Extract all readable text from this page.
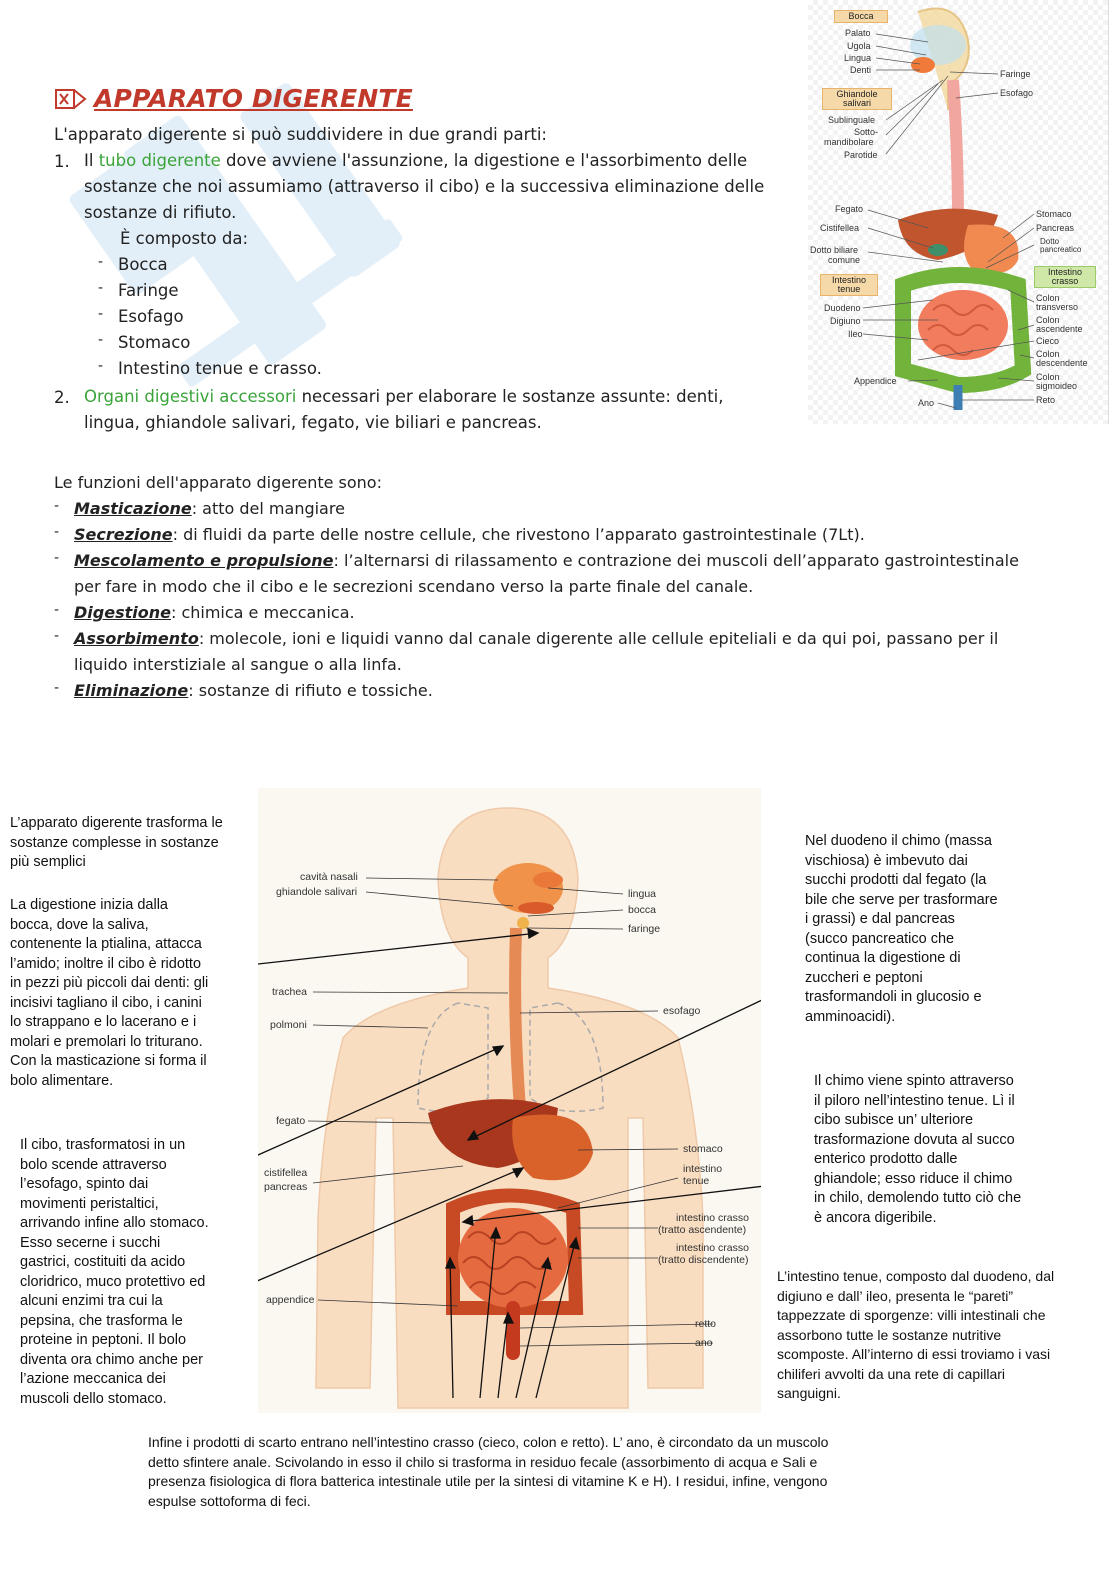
APPARATO DIGERENTE
L'apparato digerente si può suddividere in due grandi parti:
1. Il tubo digerente dove avviene l'assunzione, la digestione e l'assorbimento delle
sostanze che noi assumiamo (attraverso il cibo) e la successiva eliminazione delle
sostanze di rifiuto.
È composto da:
- Bocca
- Faringe
- Esofago
- Stomaco
- Intestino tenue e crasso.
2. Organi digestivi accessori necessari per elaborare le sostanze assunte: denti,
lingua, ghiandole salivari, fegato, vie biliari e pancreas.
Le funzioni dell'apparato digerente sono:
- Masticazione: atto del mangiare
- Secrezione: di fluidi da parte delle nostre cellule, che rivestono l’apparato gastrointestinale (7Lt).
- Mescolamento e propulsione: l’alternarsi di rilassamento e contrazione dei muscoli dell’apparato gastrointestinale
per fare in modo che il cibo e le secrezioni scendano verso la parte finale del canale.
- Digestione: chimica e meccanica.
- Assorbimento: molecole, ioni e liquidi vanno dal canale digerente alle cellule epiteliali e da qui poi, passano per il
liquido interstiziale al sangue o alla linfa.
- Eliminazione: sostanze di rifiuto e tossiche.
Bocca
Palato
Ugola
Lingua
Denti	Faringe
Esofago
Ghiandole
salivari
Sublinguale
Sotto-
mandibolare
Parotide
Fegato
Cistifellea
Dotto biliare
comune
Intestino
tenue
Duodeno
Digiuno
Ileo
Appendice
Ano
Stomaco
Pancreas
Dotto
pancreatico
Intestino
crasso
Colon
transverso
Colon
ascendente
Cieco
Colon
descendente
Colon
sigmoideo
Reto
cavità nasali
ghiandole salivari	lingua
bocca
faringe
trachea
polmoni
esofago
fegato
stomaco
intestino
tenue
cistifellea
pancreas
intestino crasso
(tratto ascendente)
intestino crasso
(tratto discendente)
appendice
retto
ano
L’apparato digerente trasforma le
sostanze complesse in sostanze
più semplici
La digestione inizia dalla
bocca, dove la saliva,
contenente la ptialina, attacca
l’amido; inoltre il cibo è ridotto
in pezzi più piccoli dai denti: gli
incisivi tagliano il cibo, i canini
lo strappano e lo lacerano e i
molari e premolari lo triturano.
Con la masticazione si forma il
bolo alimentare.
Il cibo, trasformatosi in un
bolo scende attraverso
l’esofago, spinto dai
movimenti peristaltici,
arrivando infine allo stomaco.
Esso secerne i succhi
gastrici, costituiti da acido
cloridrico, muco protettivo ed
alcuni enzimi tra cui la
pepsina, che trasforma le
proteine in peptoni. Il bolo
diventa ora chimo anche per
l’azione meccanica dei
muscoli dello stomaco.
Nel duodeno il chimo (massa
vischiosa) è imbevuto dai
succhi prodotti dal fegato (la
bile che serve per trasformare
i grassi) e dal pancreas
(succo pancreatico che
continua la digestione di
zuccheri e peptoni
trasformandoli in glucosio e
amminoacidi).
Il chimo viene spinto attraverso
il piloro nell’intestino tenue. Lì il
cibo subisce un’ ulteriore
trasformazione dovuta al succo
enterico prodotto dalle
ghiandole; esso riduce il chimo
in chilo, demolendo tutto ciò che
è ancora digeribile.
L’intestino tenue, composto dal duodeno, dal
digiuno e dall’ ileo, presenta le “pareti”
tappezzate di sporgenze: villi intestinali che
assorbono tutte le sostanze nutritive
scomposte. All’interno di essi troviamo i vasi
chiliferi avvolti da una rete di capillari
sanguigni.
Infine i prodotti di scarto entrano nell’intestino crasso (cieco, colon e retto). L’ ano, è circondato da un muscolo
detto sfintere anale. Scivolando in esso il chilo si trasforma in residuo fecale (assorbimento di acqua e Sali e
presenza fisiologica di flora batterica intestinale utile per la sintesi di vitamine K e H). I residui, infine, vengono
espulse sottoforma di feci.
